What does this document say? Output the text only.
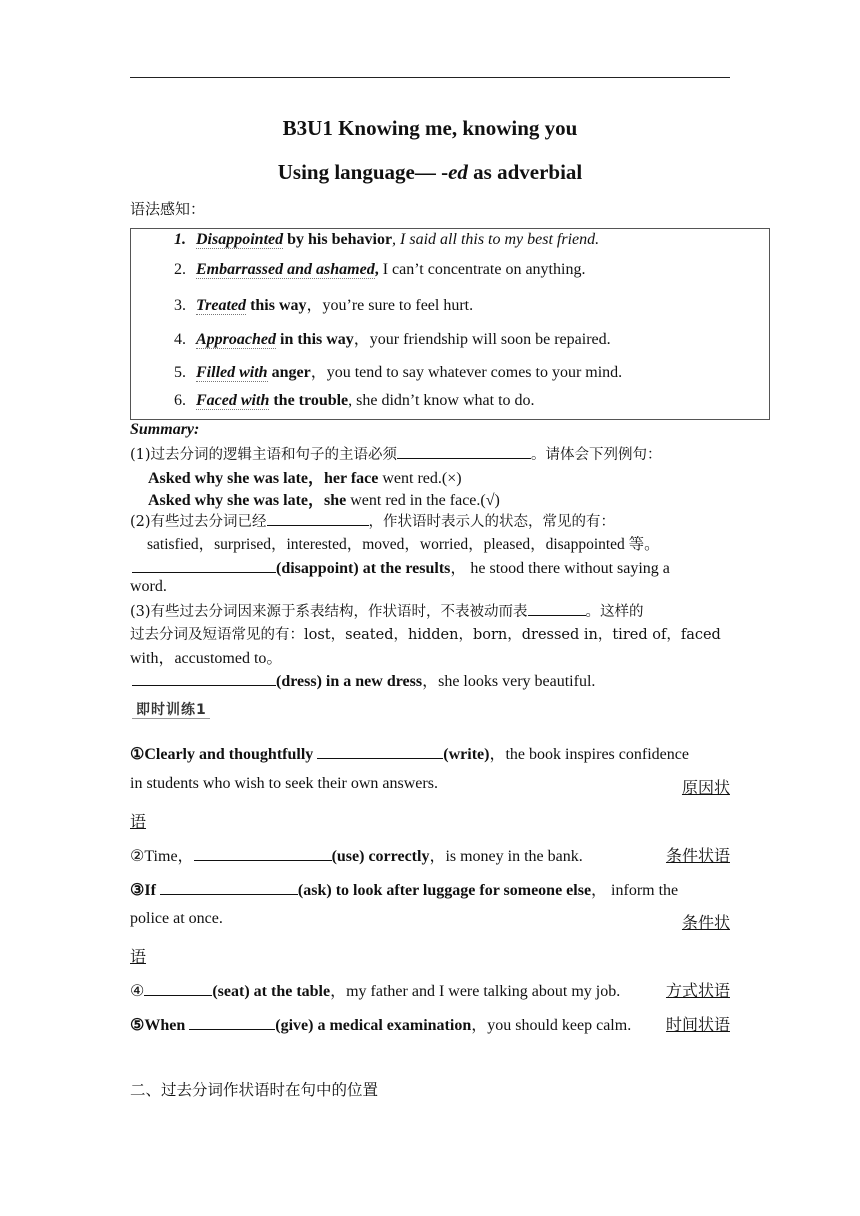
B3U1 Knowing me, knowing you
Using language— -ed as adverbial
语法感知：
1. Disappointed by his behavior, I said all this to my best friend.
2. Embarrassed and ashamed, I can’t concentrate on anything.
3. Treated this way，you’re sure to feel hurt.
4. Approached in this way，your friendship will soon be repaired.
5. Filled with anger，you tend to say whatever comes to your mind.
6. Faced with the trouble, she didn’t know what to do.
Summary:
(1)过去分词的逻辑主语和句子的主语必须	。请体会下列例句：
Asked why she was late，her face went red.(×)
Asked why she was late，she went red in the face.(√)
(2)有些过去分词已经	，作状语时表示人的状态，常见的有：
satisfied，surprised，interested，moved，worried，pleased，disappointed 等。
(disappoint) at the results， he stood there without saying a
word.
(3)有些过去分词因来源于系表结构，作状语时，不表被动而表	。这样的
过去分词及短语常见的有：lost，seated，hidden，born，dressed in，tired of，faced
with，accustomed to。
(dress) in a new dress，she looks very beautiful.
即时训练1
①Clearly and thoughtfully	(write)，the book inspires confidence
in students who wish to seek their own answers.	原因状
语
②Time，	(use) correctly，is money in the bank.	条件状语
③If	(ask) to look after luggage for someone else， inform the
police at once.	条件状
语
④	(seat) at the table，my father and I were talking about my job.	方式状语
⑤When	(give) a medical examination，you should keep calm. 时间状语
二、过去分词作状语时在句中的位置
